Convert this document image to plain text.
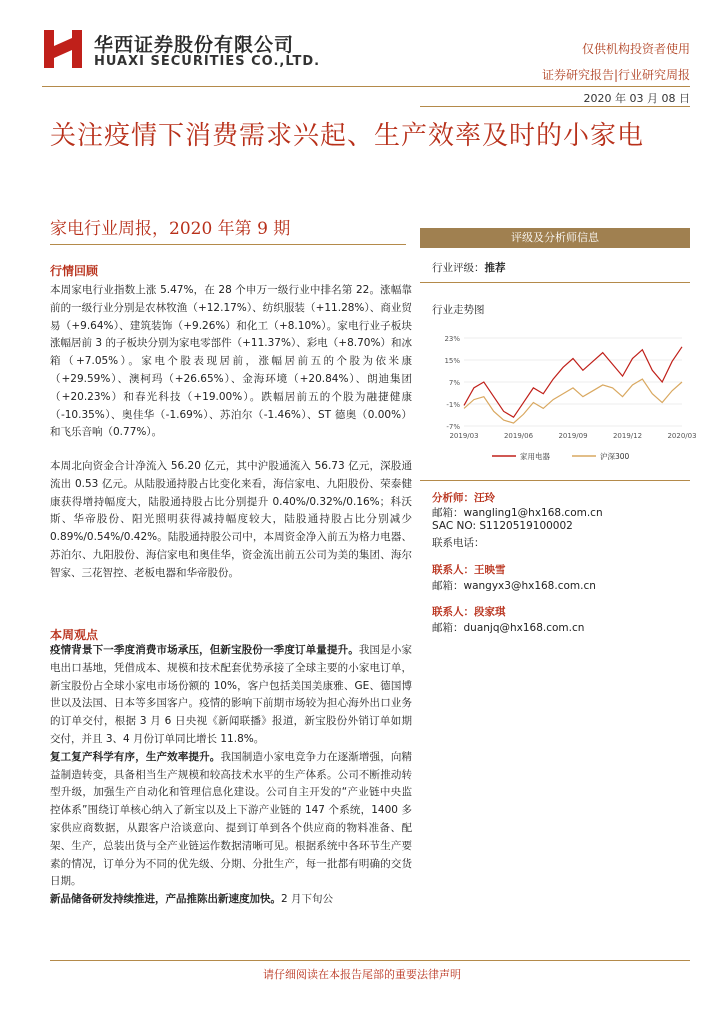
华西证券股份有限公司
HUAXI SECURITIES CO.,LTD.
仅供机构投资者使用
证券研究报告|行业研究周报
2020 年 03 月 08 日
关注疫情下消费需求兴起、生产效率及时的小家电
家电行业周报，2020 年第 9 期
行情回顾
本周家电行业指数上涨 5.47%，在 28 个申万一级行业中排名第 22。涨幅靠前的一级行业分别是农林牧渔（+12.17%）、纺织服装（+11.28%）、商业贸易（+9.64%）、建筑装饰（+9.26%）和化工（+8.10%）。家电行业子板块涨幅居前 3 的子板块分别为家电零部件（+11.37%）、彩电（+8.70%）和冰箱（+7.05%）。家电个股表现居前，涨幅居前五的个股为依米康（+29.59%）、澳柯玛（+26.65%）、金海环境（+20.84%）、朗迪集团（+20.23%）和春光科技（+19.00%）。跌幅居前五的个股为融捷健康（-10.35%）、奥佳华（-1.69%）、苏泊尔（-1.46%）、ST 德奥（0.00%）和飞乐音响（0.77%）。
本周北向资金合计净流入 56.20 亿元，其中沪股通流入 56.73 亿元，深股通流出 0.53 亿元。从陆股通持股占比变化来看，海信家电、九阳股份、荣泰健康获得增持幅度大，陆股通持股占比分别提升 0.40%/0.32%/0.16%；科沃斯、华帝股份、阳光照明获得减持幅度较大，陆股通持股占比分别减少 0.89%/0.54%/0.42%。陆股通持股公司中，本周资金净入前五为格力电器、苏泊尔、九阳股份、海信家电和奥佳华，资金流出前五公司为美的集团、海尔智家、三花智控、老板电器和华帝股份。
本周观点
疫情背景下一季度消费市场承压，但新宝股份一季度订单量提升。我国是小家电出口基地，凭借成本、规模和技术配套优势承接了全球主要的小家电订单，新宝股份占全球小家电市场份额的 10%，客户包括美国美康雅、GE、德国博世以及法国、日本等多国客户。疫情的影响下前期市场较为担心海外出口业务的订单交付，根据 3 月 6 日央视《新闻联播》报道，新宝股份外销订单如期交付，并且 3、4 月份订单同比增长 11.8%。
复工复产科学有序，生产效率提升。我国制造小家电竞争力在逐渐增强，向精益制造转变，具备相当生产规模和较高技术水平的生产体系。公司不断推动转型升级，加强生产自动化和管理信息化建设。公司自主开发的“产业链中央监控体系”围绕订单核心纳入了新宝以及上下游产业链的 147 个系统，1400 多家供应商数据，从跟客户洽谈意向、提到订单到各个供应商的物料准备、配架、生产，总装出货与全产业链运作数据清晰可见。根据系统中各环节生产要素的情况，订单分为不同的优先级、分期、分批生产，每一批都有明确的交货日期。
新品储备研发持续推进，产品推陈出新速度加快。2 月下旬公
评级及分析师信息
行业评级：推荐
行业走势图
23%
15%
7%
-1%
-7%
2019/03	2019/06	2019/09	2019/12	2020/03
家用电器	沪深300
分析师：汪玲
邮箱：wangling1@hx168.com.cn
SAC NO: S1120519100002
联系电话：
联系人：王映雪
邮箱：wangyx3@hx168.com.cn
联系人：段家琪
邮箱：duanjq@hx168.com.cn
请仔细阅读在本报告尾部的重要法律声明
